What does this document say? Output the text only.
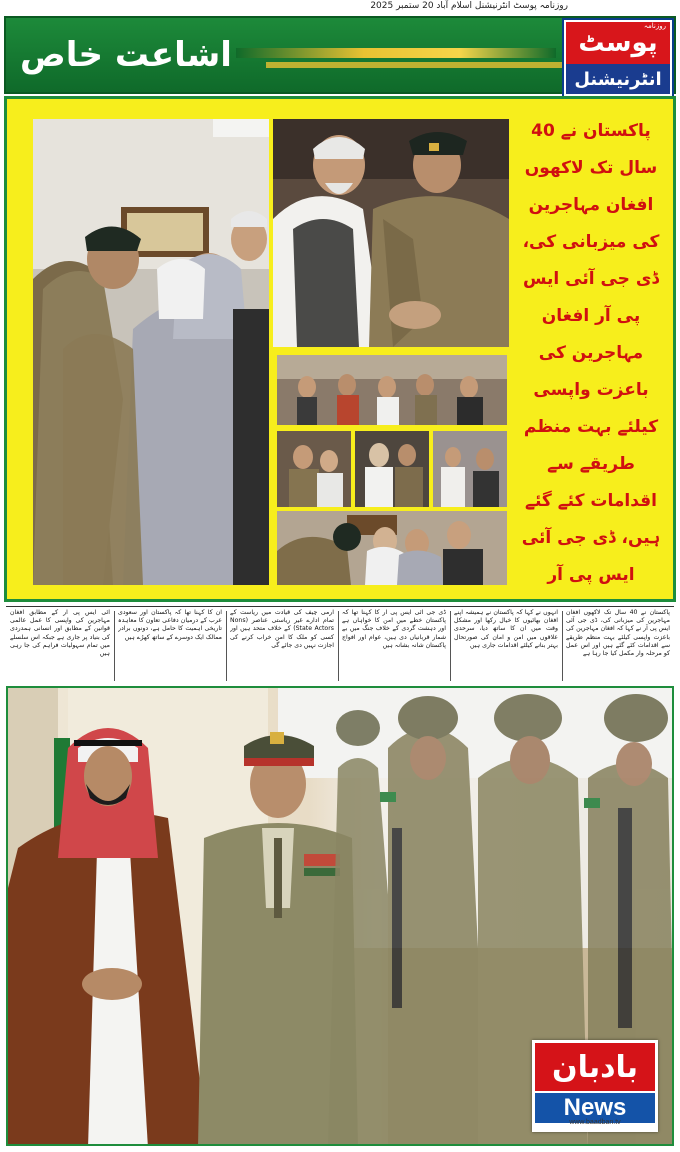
روزنامہ پوسٹ انٹرنیشنل اسلام آباد 20 ستمبر 2025
اشاعت خاص
روزنامہ
پوسٹ
انٹرنیشنل
پاکستان نے 40 سال تک لاکھوں افغان مہاجرین کی میزبانی کی، ڈی جی آئی ایس پی آر افغان مہاجرین کی باعزت واپسی کیلئے بہت منظم طریقے سے اقدامات کئے گئے ہیں، ڈی جی آئی ایس پی آر
پاکستان نے 40 سال تک لاکھوں افغان مہاجرین کی میزبانی کی، ڈی جی آئی ایس پی آر نے کہا کہ افغان مہاجرین کی باعزت واپسی کیلئے بہت منظم طریقے سے اقدامات کئے گئے ہیں اور اس عمل کو مرحلہ وار مکمل کیا جا رہا ہے
انہوں نے کہا کہ پاکستان نے ہمیشہ اپنے افغان بھائیوں کا خیال رکھا اور مشکل وقت میں ان کا ساتھ دیا، سرحدی علاقوں میں امن و امان کی صورتحال بہتر بنانے کیلئے اقدامات جاری ہیں
ڈی جی آئی ایس پی آر کا کہنا تھا کہ پاکستان خطے میں امن کا خواہاں ہے اور دہشت گردی کے خلاف جنگ میں بے شمار قربانیاں دی ہیں، عوام اور افواج پاکستان شانہ بشانہ ہیں
آرمی چیف کی قیادت میں ریاست کے تمام ادارے غیر ریاستی عناصر (Nons State Actors) کے خلاف متحد ہیں اور کسی کو ملک کا امن خراب کرنے کی اجازت نہیں دی جائے گی
ان کا کہنا تھا کہ پاکستان اور سعودی عرب کے درمیان دفاعی تعاون کا معاہدہ تاریخی اہمیت کا حامل ہے، دونوں برادر ممالک ایک دوسرے کے ساتھ کھڑے ہیں
آئی ایس پی آر کے مطابق افغان مہاجرین کی واپسی کا عمل عالمی قوانین کے مطابق اور انسانی ہمدردی کی بنیاد پر جاری ہے جبکہ اس سلسلے میں تمام سہولیات فراہم کی جا رہی ہیں
بادبان
News
www.baadban.tv
